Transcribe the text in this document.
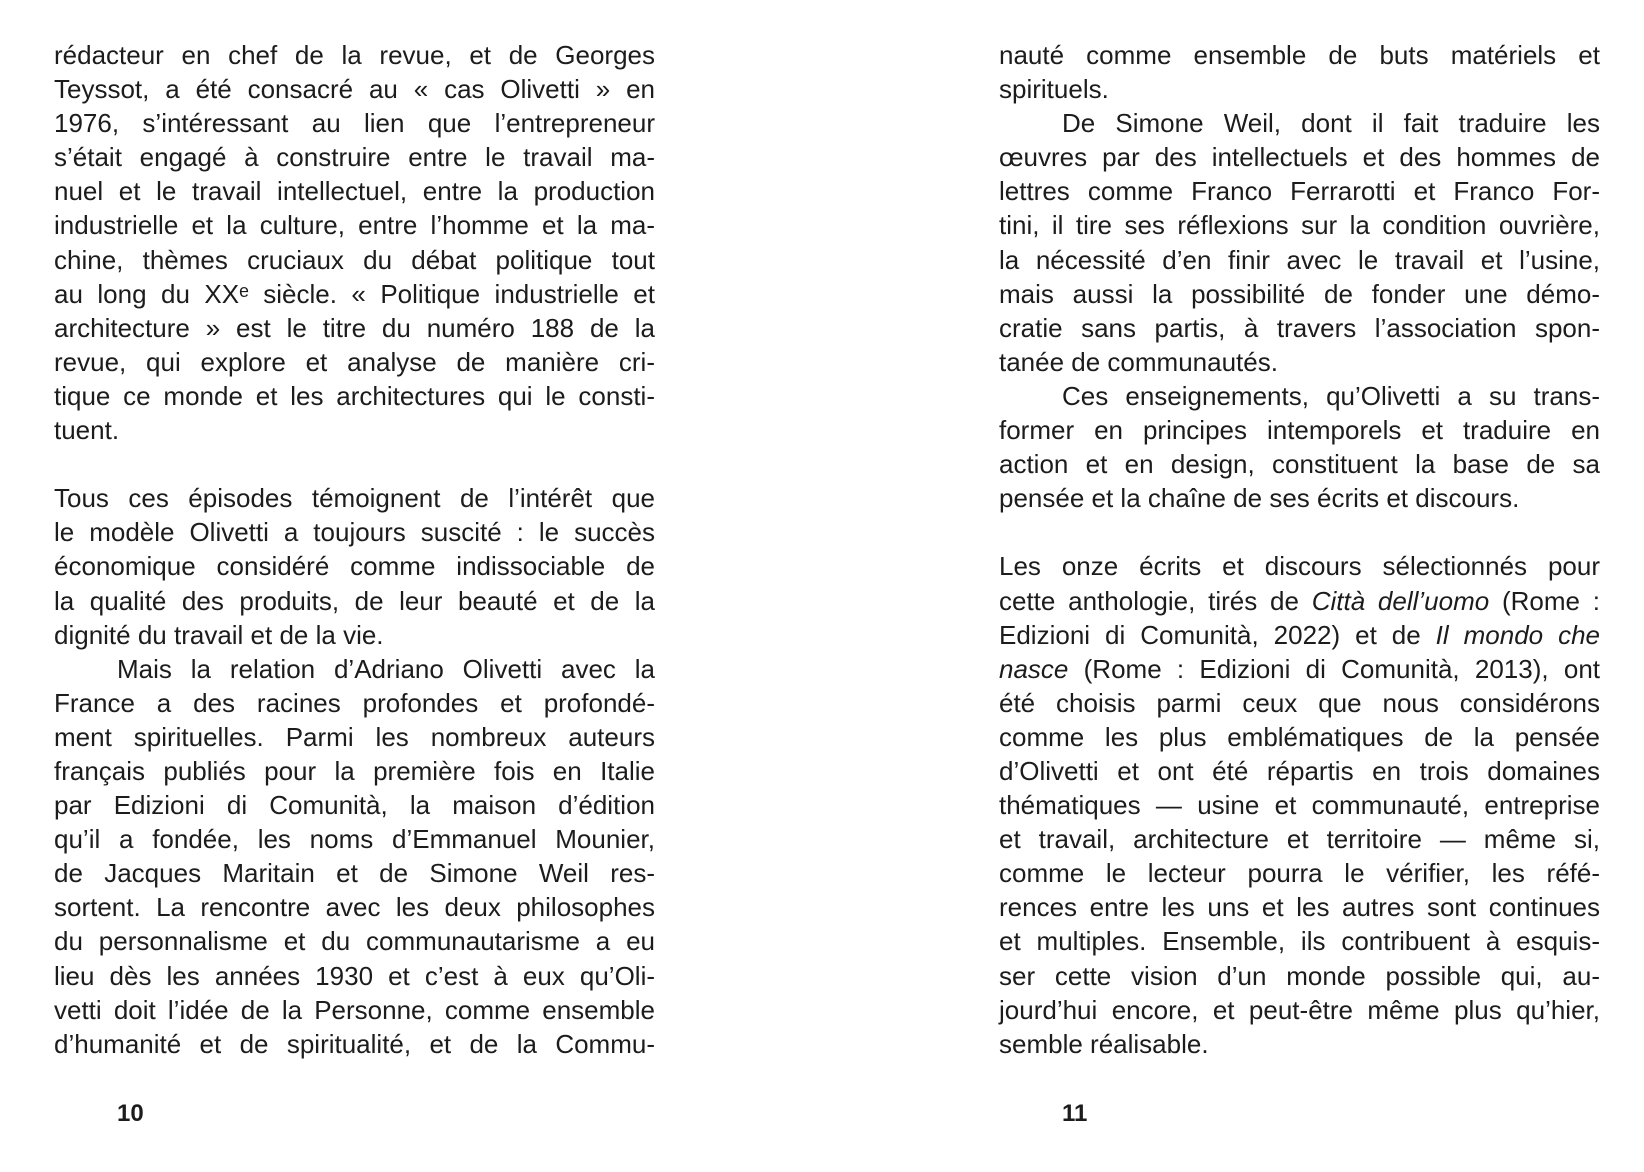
rédacteur en chef de la revue, et de Georges
Teyssot, a été consacré au « cas Olivetti » en
1976, s’intéressant au lien que l’entrepreneur
s’était engagé à construire entre le travail ma-
nuel et le travail intellectuel, entre la production
industrielle et la culture, entre l’homme et la ma-
chine, thèmes cruciaux du débat politique tout
au long du XXᵉ siècle. « Politique industrielle et
architecture » est le titre du numéro 188 de la
revue, qui explore et analyse de manière cri-
tique ce monde et les architectures qui le consti-
tuent.
Tous ces épisodes témoignent de l’intérêt que
le modèle Olivetti a toujours suscité : le succès
économique considéré comme indissociable de
la qualité des produits, de leur beauté et de la
dignité du travail et de la vie.
Mais la relation d’Adriano Olivetti avec la
France a des racines profondes et profondé-
ment spirituelles. Parmi les nombreux auteurs
français publiés pour la première fois en Italie
par Edizioni di Comunità, la maison d’édition
qu’il a fondée, les noms d’Emmanuel Mounier,
de Jacques Maritain et de Simone Weil res-
sortent. La rencontre avec les deux philosophes
du personnalisme et du communautarisme a eu
lieu dès les années 1930 et c’est à eux qu’Oli-
vetti doit l’idée de la Personne, comme ensemble
d’humanité et de spiritualité, et de la Commu-
10
nauté comme ensemble de buts matériels et
spirituels.
De Simone Weil, dont il fait traduire les
œuvres par des intellectuels et des hommes de
lettres comme Franco Ferrarotti et Franco For-
tini, il tire ses réflexions sur la condition ouvrière,
la nécessité d’en finir avec le travail et l’usine,
mais aussi la possibilité de fonder une démo-
cratie sans partis, à travers l’association spon-
tanée de communautés.
Ces enseignements, qu’Olivetti a su trans-
former en principes intemporels et traduire en
action et en design, constituent la base de sa
pensée et la chaîne de ses écrits et discours.
Les onze écrits et discours sélectionnés pour
cette anthologie, tirés de Città dell’uomo (Rome :
Edizioni di Comunità, 2022) et de Il mondo che
nasce (Rome : Edizioni di Comunità, 2013), ont
été choisis parmi ceux que nous considérons
comme les plus emblématiques de la pensée
d’Olivetti et ont été répartis en trois domaines
thématiques — usine et communauté, entreprise
et travail, architecture et territoire — même si,
comme le lecteur pourra le vérifier, les réfé-
rences entre les uns et les autres sont continues
et multiples. Ensemble, ils contribuent à esquis-
ser cette vision d’un monde possible qui, au-
jourd’hui encore, et peut-être même plus qu’hier,
semble réalisable.
11
